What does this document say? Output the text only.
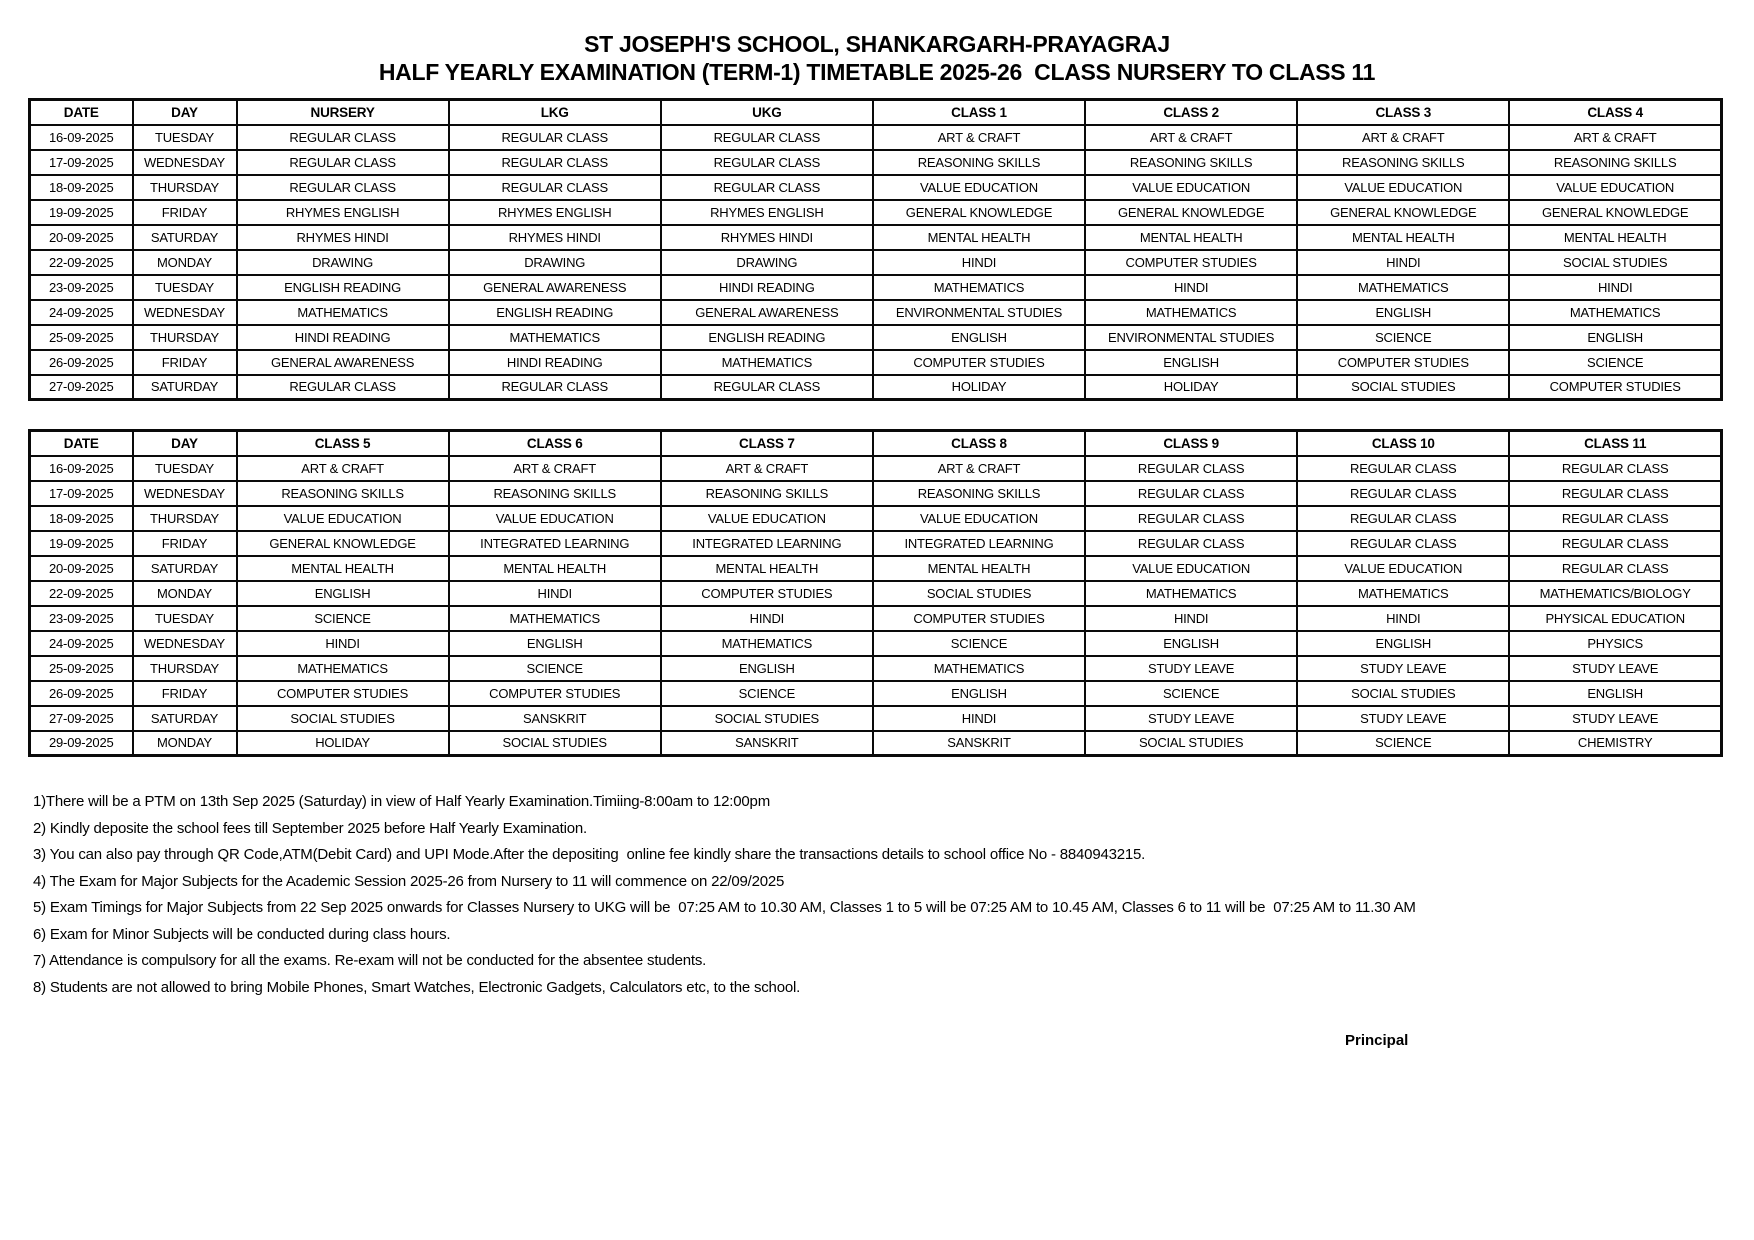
ST JOSEPH'S SCHOOL, SHANKARGARH-PRAYAGRAJ
HALF YEARLY EXAMINATION (TERM-1) TIMETABLE 2025-26  CLASS NURSERY TO CLASS 11
DATE	DAY	NURSERY	LKG	UKG	CLASS 1	CLASS 2	CLASS 3	CLASS 4
16-09-2025	TUESDAY	REGULAR CLASS	REGULAR CLASS	REGULAR CLASS	ART & CRAFT	ART & CRAFT	ART & CRAFT	ART & CRAFT
17-09-2025	WEDNESDAY	REGULAR CLASS	REGULAR CLASS	REGULAR CLASS	REASONING SKILLS	REASONING SKILLS	REASONING SKILLS	REASONING SKILLS
18-09-2025	THURSDAY	REGULAR CLASS	REGULAR CLASS	REGULAR CLASS	VALUE EDUCATION	VALUE EDUCATION	VALUE EDUCATION	VALUE EDUCATION
19-09-2025	FRIDAY	RHYMES ENGLISH	RHYMES ENGLISH	RHYMES ENGLISH	GENERAL KNOWLEDGE	GENERAL KNOWLEDGE	GENERAL KNOWLEDGE	GENERAL KNOWLEDGE
20-09-2025	SATURDAY	RHYMES HINDI	RHYMES HINDI	RHYMES HINDI	MENTAL HEALTH	MENTAL HEALTH	MENTAL HEALTH	MENTAL HEALTH
22-09-2025	MONDAY	DRAWING	DRAWING	DRAWING	HINDI	COMPUTER STUDIES	HINDI	SOCIAL STUDIES
23-09-2025	TUESDAY	ENGLISH READING	GENERAL AWARENESS	HINDI READING	MATHEMATICS	HINDI	MATHEMATICS	HINDI
24-09-2025	WEDNESDAY	MATHEMATICS	ENGLISH READING	GENERAL AWARENESS	ENVIRONMENTAL STUDIES	MATHEMATICS	ENGLISH	MATHEMATICS
25-09-2025	THURSDAY	HINDI READING	MATHEMATICS	ENGLISH READING	ENGLISH	ENVIRONMENTAL STUDIES	SCIENCE	ENGLISH
26-09-2025	FRIDAY	GENERAL AWARENESS	HINDI READING	MATHEMATICS	COMPUTER STUDIES	ENGLISH	COMPUTER STUDIES	SCIENCE
27-09-2025	SATURDAY	REGULAR CLASS	REGULAR CLASS	REGULAR CLASS	HOLIDAY	HOLIDAY	SOCIAL STUDIES	COMPUTER STUDIES
DATE	DAY	CLASS 5	CLASS 6	CLASS 7	CLASS 8	CLASS 9	CLASS 10	CLASS 11
16-09-2025	TUESDAY	ART & CRAFT	ART & CRAFT	ART & CRAFT	ART & CRAFT	REGULAR CLASS	REGULAR CLASS	REGULAR CLASS
17-09-2025	WEDNESDAY	REASONING SKILLS	REASONING SKILLS	REASONING SKILLS	REASONING SKILLS	REGULAR CLASS	REGULAR CLASS	REGULAR CLASS
18-09-2025	THURSDAY	VALUE EDUCATION	VALUE EDUCATION	VALUE EDUCATION	VALUE EDUCATION	REGULAR CLASS	REGULAR CLASS	REGULAR CLASS
19-09-2025	FRIDAY	GENERAL KNOWLEDGE	INTEGRATED LEARNING	INTEGRATED LEARNING	INTEGRATED LEARNING	REGULAR CLASS	REGULAR CLASS	REGULAR CLASS
20-09-2025	SATURDAY	MENTAL HEALTH	MENTAL HEALTH	MENTAL HEALTH	MENTAL HEALTH	VALUE EDUCATION	VALUE EDUCATION	REGULAR CLASS
22-09-2025	MONDAY	ENGLISH	HINDI	COMPUTER STUDIES	SOCIAL STUDIES	MATHEMATICS	MATHEMATICS	MATHEMATICS/BIOLOGY
23-09-2025	TUESDAY	SCIENCE	MATHEMATICS	HINDI	COMPUTER STUDIES	HINDI	HINDI	PHYSICAL EDUCATION
24-09-2025	WEDNESDAY	HINDI	ENGLISH	MATHEMATICS	SCIENCE	ENGLISH	ENGLISH	PHYSICS
25-09-2025	THURSDAY	MATHEMATICS	SCIENCE	ENGLISH	MATHEMATICS	STUDY LEAVE	STUDY LEAVE	STUDY LEAVE
26-09-2025	FRIDAY	COMPUTER STUDIES	COMPUTER STUDIES	SCIENCE	ENGLISH	SCIENCE	SOCIAL STUDIES	ENGLISH
27-09-2025	SATURDAY	SOCIAL STUDIES	SANSKRIT	SOCIAL STUDIES	HINDI	STUDY LEAVE	STUDY LEAVE	STUDY LEAVE
29-09-2025	MONDAY	HOLIDAY	SOCIAL STUDIES	SANSKRIT	SANSKRIT	SOCIAL STUDIES	SCIENCE	CHEMISTRY
1)There will be a PTM on 13th Sep 2025 (Saturday) in view of Half Yearly Examination.Timiing-8:00am to 12:00pm
2) Kindly deposite the school fees till September 2025 before Half Yearly Examination.
3) You can also pay through QR Code,ATM(Debit Card) and UPI Mode.After the depositing  online fee kindly share the transactions details to school office No - 8840943215.
4) The Exam for Major Subjects for the Academic Session 2025-26 from Nursery to 11 will commence on 22/09/2025
5) Exam Timings for Major Subjects from 22 Sep 2025 onwards for Classes Nursery to UKG will be  07:25 AM to 10.30 AM, Classes 1 to 5 will be 07:25 AM to 10.45 AM, Classes 6 to 11 will be  07:25 AM to 11.30 AM
6) Exam for Minor Subjects will be conducted during class hours.
7) Attendance is compulsory for all the exams. Re-exam will not be conducted for the absentee students.
8) Students are not allowed to bring Mobile Phones, Smart Watches, Electronic Gadgets, Calculators etc, to the school.
Principal
